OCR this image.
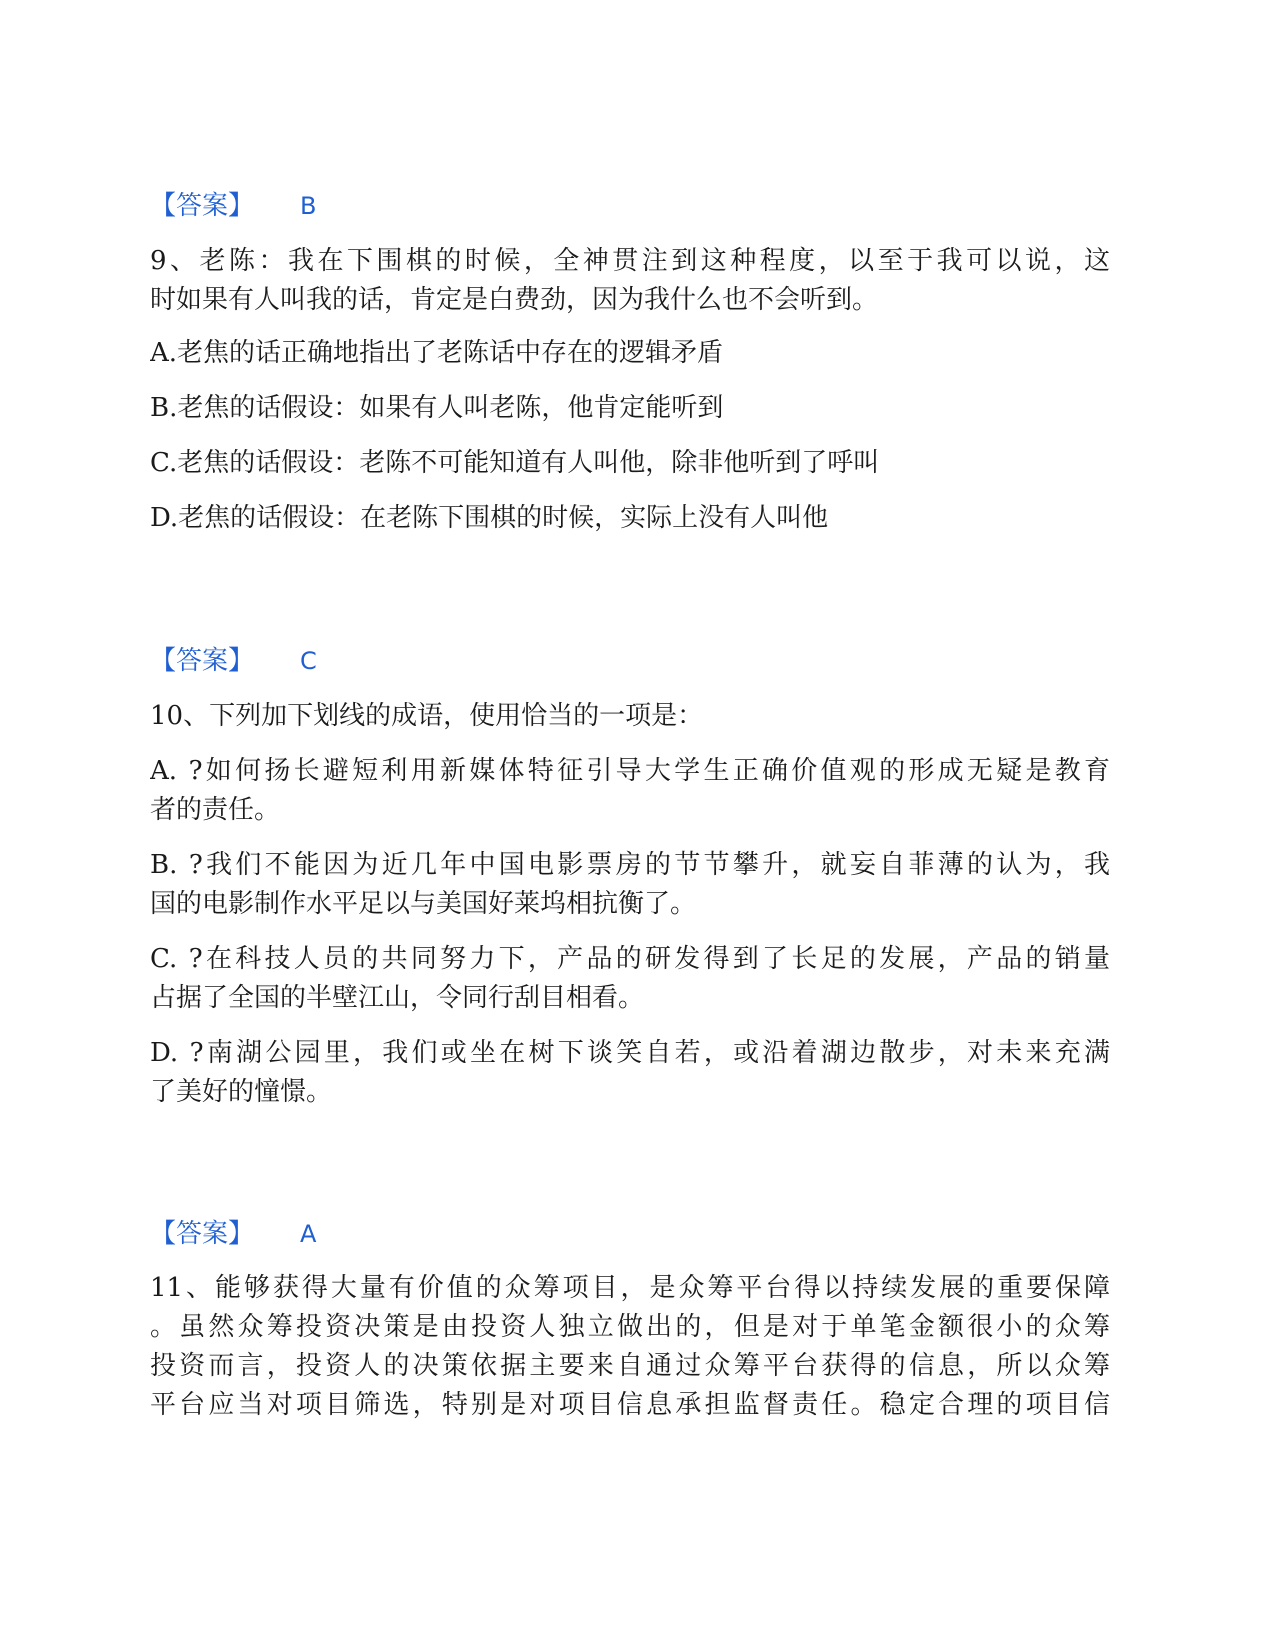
【答案】 B
9、老陈：我在下围棋的时候，全神贯注到这种程度，以至于我可以说，这
时如果有人叫我的话，肯定是白费劲，因为我什么也不会听到。
A.老焦的话正确地指出了老陈话中存在的逻辑矛盾
B.老焦的话假设：如果有人叫老陈，他肯定能听到
C.老焦的话假设：老陈不可能知道有人叫他，除非他听到了呼叫
D.老焦的话假设：在老陈下围棋的时候，实际上没有人叫他
【答案】 C
10、下列加下划线的成语，使用恰当的一项是：
A. ?如何扬长避短利用新媒体特征引导大学生正确价值观的形成无疑是教育
者的责任。
B. ?我们不能因为近几年中国电影票房的节节攀升，就妄自菲薄的认为，我
国的电影制作水平足以与美国好莱坞相抗衡了。
C. ?在科技人员的共同努力下，产品的研发得到了长足的发展，产品的销量
占据了全国的半壁江山，令同行刮目相看。
D. ?南湖公园里，我们或坐在树下谈笑自若，或沿着湖边散步，对未来充满
了美好的憧憬。
【答案】 A
11、能够获得大量有价值的众筹项目，是众筹平台得以持续发展的重要保障
。虽然众筹投资决策是由投资人独立做出的，但是对于单笔金额很小的众筹
投资而言，投资人的决策依据主要来自通过众筹平台获得的信息，所以众筹
平台应当对项目筛选，特别是对项目信息承担监督责任。稳定合理的项目信
